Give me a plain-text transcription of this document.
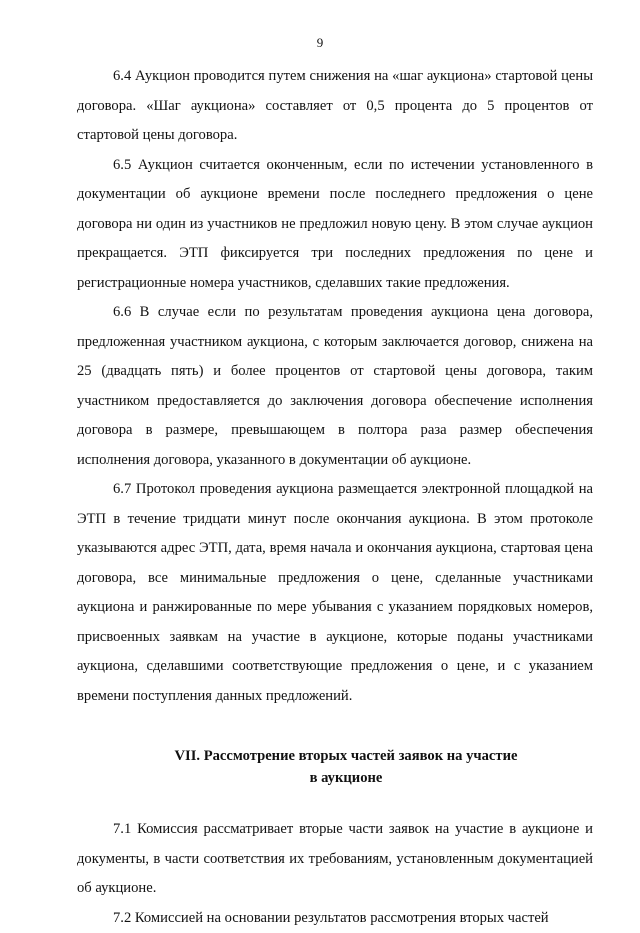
9

6.4 Аукцион проводится путем снижения на «шаг аукциона» стартовой цены договора. «Шаг аукциона» составляет от 0,5 процента до 5 процентов от стартовой цены договора.

6.5 Аукцион считается оконченным, если по истечении установленного в документации об аукционе времени после последнего предложения о цене договора ни один из участников не предложил новую цену. В этом случае аукцион прекращается. ЭТП фиксируется три последних предложения по цене и регистрационные номера участников, сделавших такие предложения.

6.6 В случае если по результатам проведения аукциона цена договора, предложенная участником аукциона, с которым заключается договор, снижена на 25 (двадцать пять) и более процентов от стартовой цены договора, таким участником предоставляется до заключения договора обеспечение исполнения договора в размере, превышающем в полтора раза размер обеспечения исполнения договора, указанного в документации об аукционе.

6.7 Протокол проведения аукциона размещается электронной площадкой на ЭТП в течение тридцати минут после окончания аукциона. В этом протоколе указываются адрес ЭТП, дата, время начала и окончания аукциона, стартовая цена договора, все минимальные предложения о цене, сделанные участниками аукциона и ранжированные по мере убывания с указанием порядковых номеров, присвоенных заявкам на участие в аукционе, которые поданы участниками аукциона, сделавшими соответствующие предложения о цене, и с указанием времени поступления данных предложений.

VII. Рассмотрение вторых частей заявок на участие
в аукционе

7.1 Комиссия рассматривает вторые части заявок на участие в аукционе и документы, в части соответствия их требованиям, установленным документацией об аукционе.

7.2 Комиссией на основании результатов рассмотрения вторых частей
